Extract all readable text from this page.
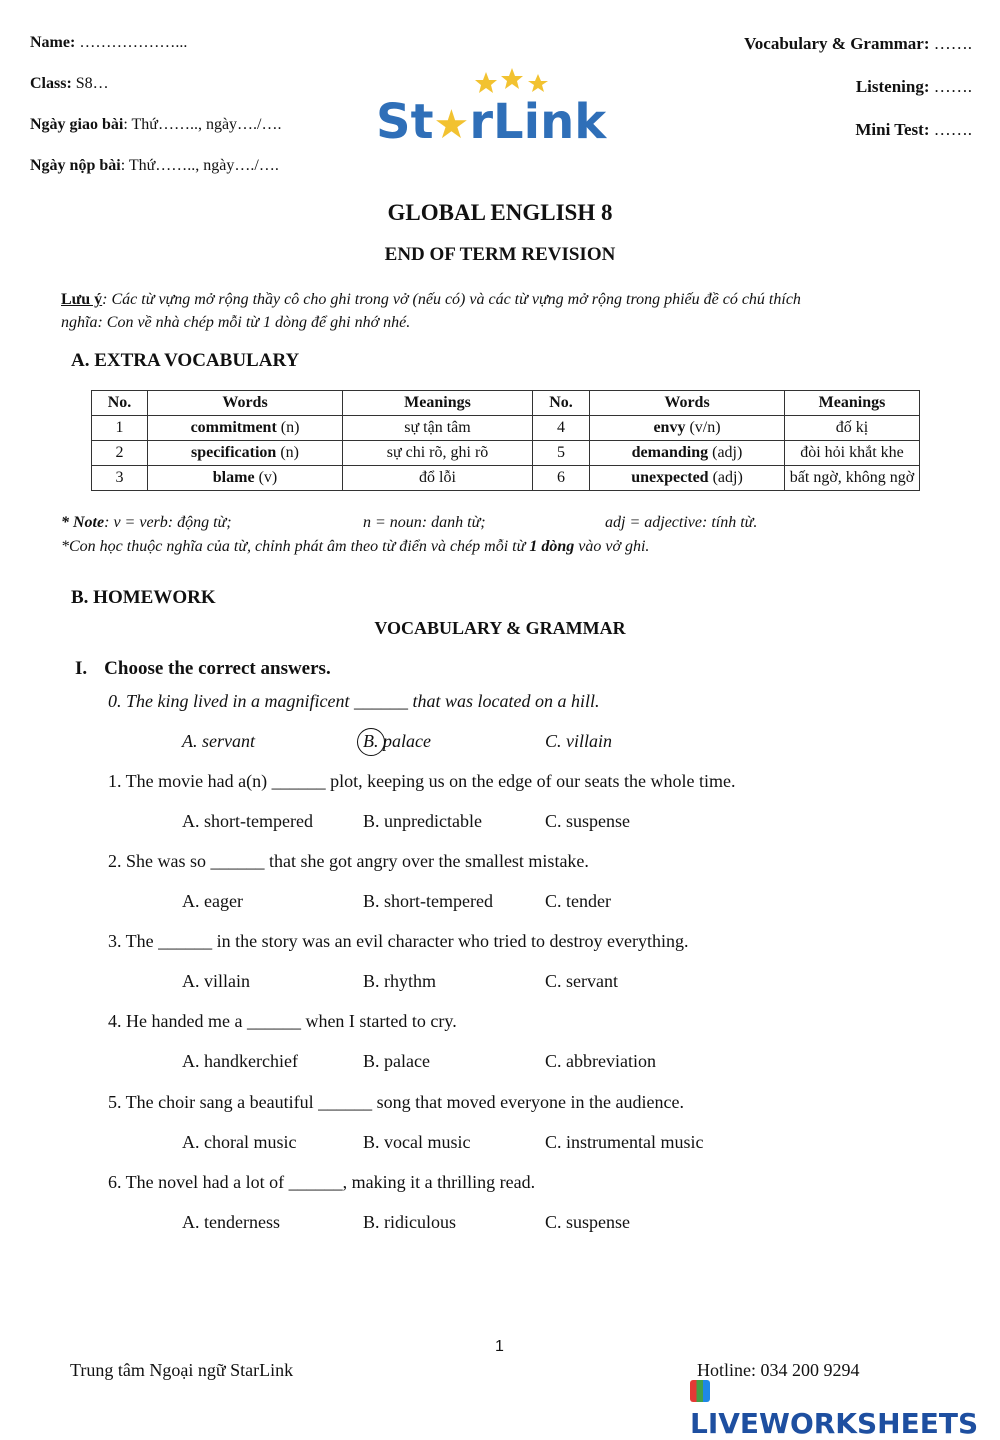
Name: ………………...
Class: S8…
Ngày giao bài: Thứ…….., ngày…./….
Ngày nộp bài: Thứ…….., ngày…./….
Vocabulary & Grammar: …….
Listening: …….
Mini Test: …….
St★rLink
GLOBAL ENGLISH 8
END OF TERM REVISION
Lưu ý: Các từ vựng mở rộng thầy cô cho ghi trong vở (nếu có) và các từ vựng mở rộng trong phiếu đề có chú thích
nghĩa: Con về nhà chép mỗi từ 1 dòng để ghi nhớ nhé.
A. EXTRA VOCABULARY
No.	Words	Meanings	No.	Words	Meanings
1	commitment (n)	sự tận tâm	4	envy (v/n)	đố kị
2	specification (n)	sự chi rõ, ghi rõ	5	demanding (adj)	đòi hỏi khắt khe
3	blame (v)	đổ lỗi	6	unexpected (adj)	bất ngờ, không ngờ
* Note: v = verb: động từ;	n = noun: danh từ;	adj = adjective: tính từ.
*Con học thuộc nghĩa của từ, chỉnh phát âm theo từ điển và chép mỗi từ 1 dòng vào vở ghi.
B. HOMEWORK
VOCABULARY & GRAMMAR
I. Choose the correct answers.
0. The king lived in a magnificent ______ that was located on a hill.
A. servant	B. palace	C. villain
1. The movie had a(n) ______ plot, keeping us on the edge of our seats the whole time.
A. short-tempered	B. unpredictable	C. suspense
2. She was so ______ that she got angry over the smallest mistake.
A. eager	B. short-tempered	C. tender
3. The ______ in the story was an evil character who tried to destroy everything.
A. villain	B. rhythm	C. servant
4. He handed me a ______ when I started to cry.
A. handkerchief	B. palace	C. abbreviation
5. The choir sang a beautiful ______ song that moved everyone in the audience.
A. choral music	B. vocal music	C. instrumental music
6. The novel had a lot of ______, making it a thrilling read.
A. tenderness	B. ridiculous	C. suspense
1
Trung tâm Ngoại ngữ StarLink	Hotline: 034 200 9294
LIVEWORKSHEETS
